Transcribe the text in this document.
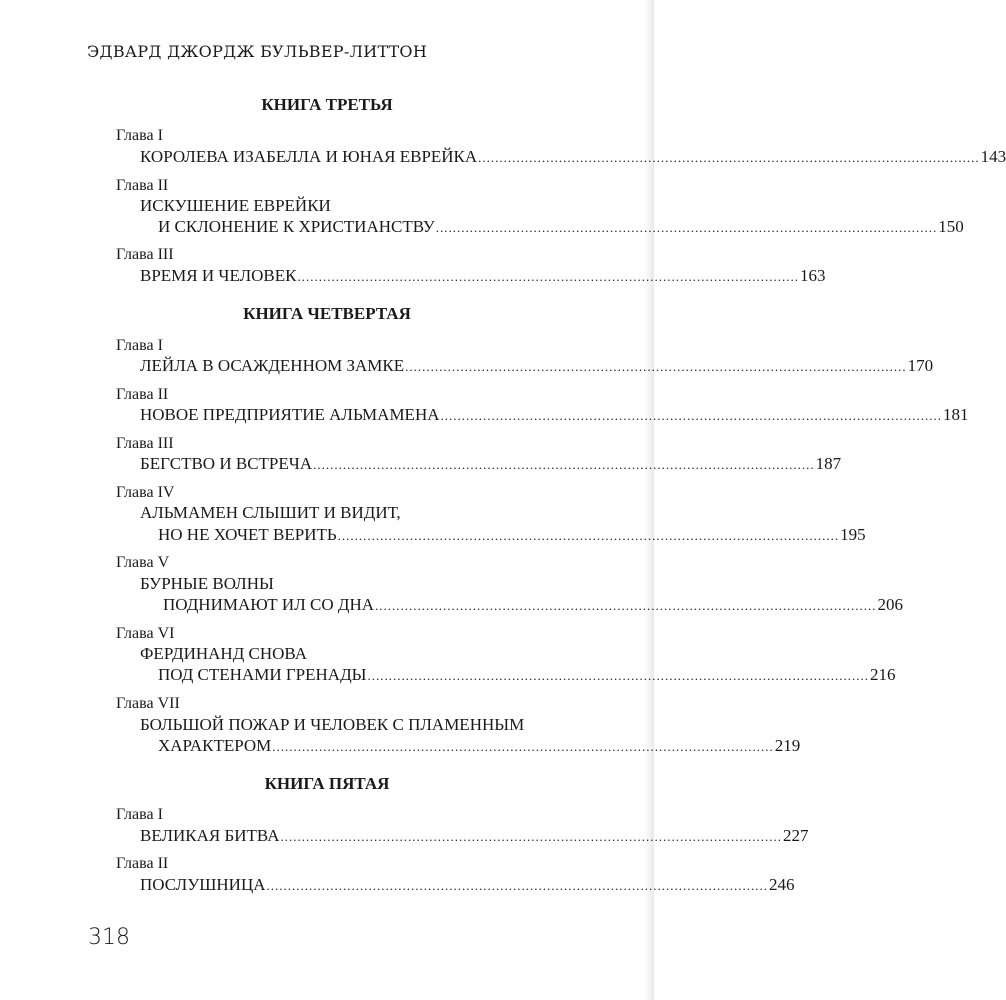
ЭДВАРД ДЖОРДЖ БУЛЬВЕР-ЛИТТОН
КНИГА ТРЕТЬЯ
Глава I
КОРОЛЕВА ИЗАБЕЛЛА И ЮНАЯ ЕВРЕЙКА ...................................................................................................................... 143
Глава II
ИСКУШЕНИЕ ЕВРЕЙКИ
И СКЛОНЕНИЕ К ХРИСТИАНСТВУ ...................................................................................................................... 150
Глава III
ВРЕМЯ И ЧЕЛОВЕК ...................................................................................................................... 163
КНИГА ЧЕТВЕРТАЯ
Глава I
ЛЕЙЛА В ОСАЖДЕННОМ ЗАМКЕ ...................................................................................................................... 170
Глава II
НОВОЕ ПРЕДПРИЯТИЕ АЛЬМАМЕНА ...................................................................................................................... 181
Глава III
БЕГСТВО И ВСТРЕЧА ...................................................................................................................... 187
Глава IV
АЛЬМАМЕН СЛЫШИТ И ВИДИТ,
НО НЕ ХОЧЕТ ВЕРИТЬ ...................................................................................................................... 195
Глава V
БУРНЫЕ ВОЛНЫ
ПОДНИМАЮТ ИЛ СО ДНА ...................................................................................................................... 206
Глава VI
ФЕРДИНАНД СНОВА
ПОД СТЕНАМИ ГРЕНАДЫ ...................................................................................................................... 216
Глава VII
БОЛЬШОЙ ПОЖАР И ЧЕЛОВЕК С ПЛАМЕННЫМ
ХАРАКТЕРОМ ...................................................................................................................... 219
КНИГА ПЯТАЯ
Глава I
ВЕЛИКАЯ БИТВА ...................................................................................................................... 227
Глава II
ПОСЛУШНИЦА ...................................................................................................................... 246
318
